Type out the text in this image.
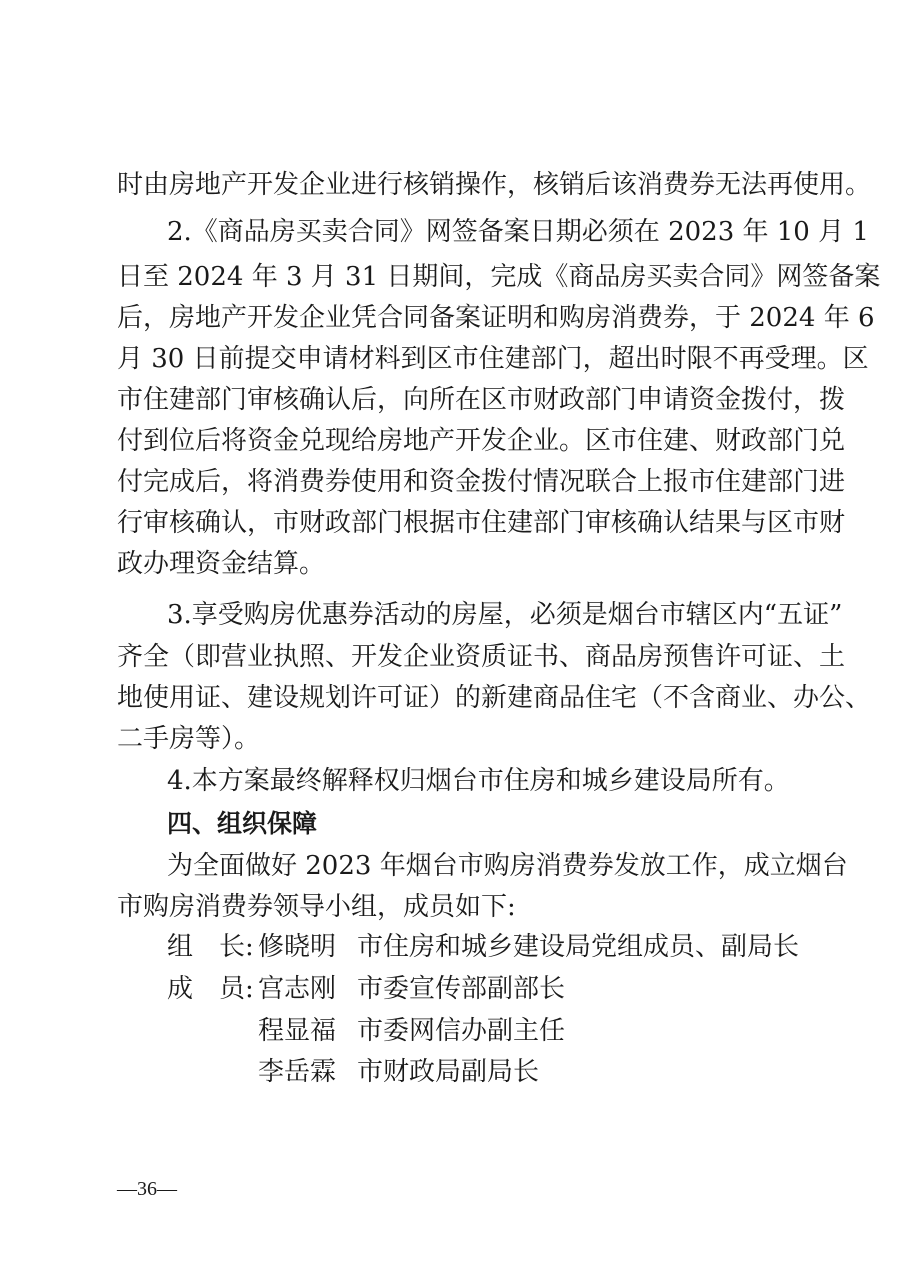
时由房地产开发企业进行核销操作，核销后该消费券无法再使用。
2.《商品房买卖合同》网签备案日期必须在 2023 年 10 月 1
日至 2024 年 3 月 31 日期间，完成《商品房买卖合同》网签备案
后，房地产开发企业凭合同备案证明和购房消费券，于 2024 年 6
月 30 日前提交申请材料到区市住建部门，超出时限不再受理。区
市住建部门审核确认后，向所在区市财政部门申请资金拨付，拨
付到位后将资金兑现给房地产开发企业。区市住建、财政部门兑
付完成后，将消费券使用和资金拨付情况联合上报市住建部门进
行审核确认，市财政部门根据市住建部门审核确认结果与区市财
政办理资金结算。
3.享受购房优惠券活动的房屋，必须是烟台市辖区内“五证”
齐全（即营业执照、开发企业资质证书、商品房预售许可证、土
地使用证、建设规划许可证）的新建商品住宅（不含商业、办公、
二手房等）。
4.本方案最终解释权归烟台市住房和城乡建设局所有。
四、组织保障
为全面做好 2023 年烟台市购房消费券发放工作，成立烟台
市购房消费券领导小组，成员如下:
组　长: 修晓明 市住房和城乡建设局党组成员、副局长
成　员: 宫志刚 市委宣传部副部长
程显福 市委网信办副主任
李岳霖 市财政局副局长
—36—
